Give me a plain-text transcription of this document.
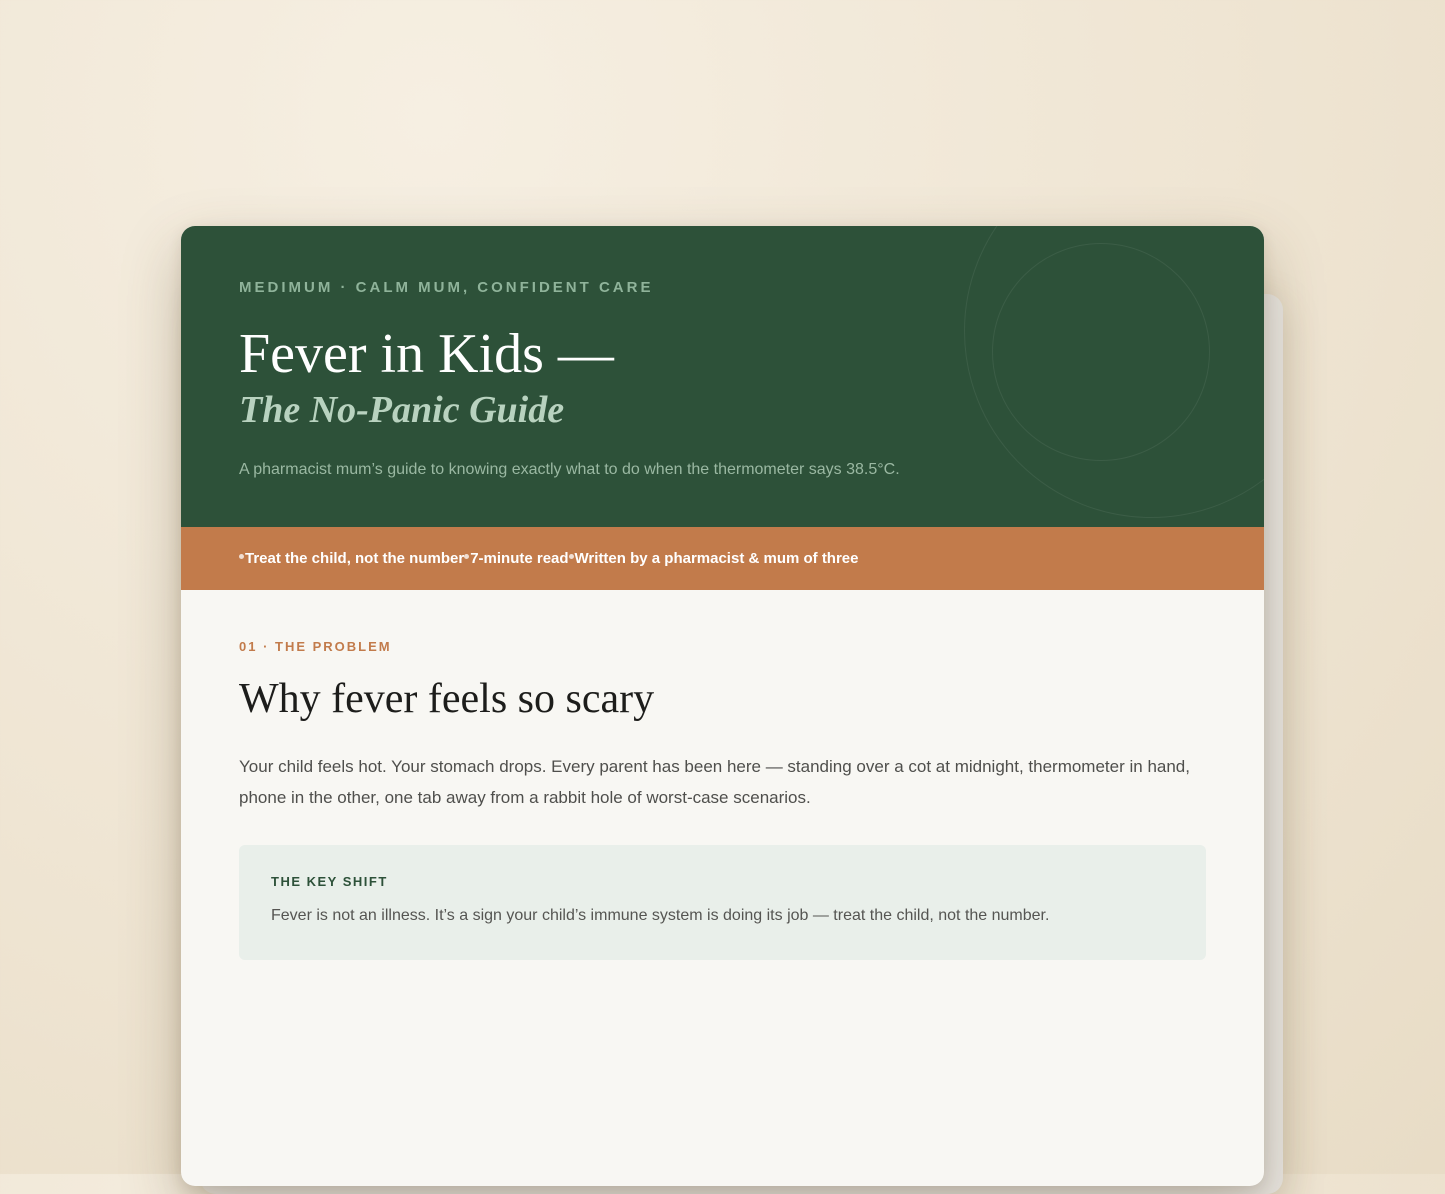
MEDIMUM · CALM MUM, CONFIDENT CARE

Fever in Kids —
The No-Panic Guide

A pharmacist mum’s guide to knowing exactly what to do when the thermometer says 38.5°C.

Treat the child, not the number 7-minute read Written by a pharmacist & mum of three

01 · THE PROBLEM

Why fever feels so scary

Your child feels hot. Your stomach drops. Every parent has been here — standing over a cot at midnight, thermometer in hand, phone in the other, one tab away from a rabbit hole of worst-case scenarios.

THE KEY SHIFT

Fever is not an illness. It’s a sign your child’s immune system is doing its job — treat the child, not the number.
